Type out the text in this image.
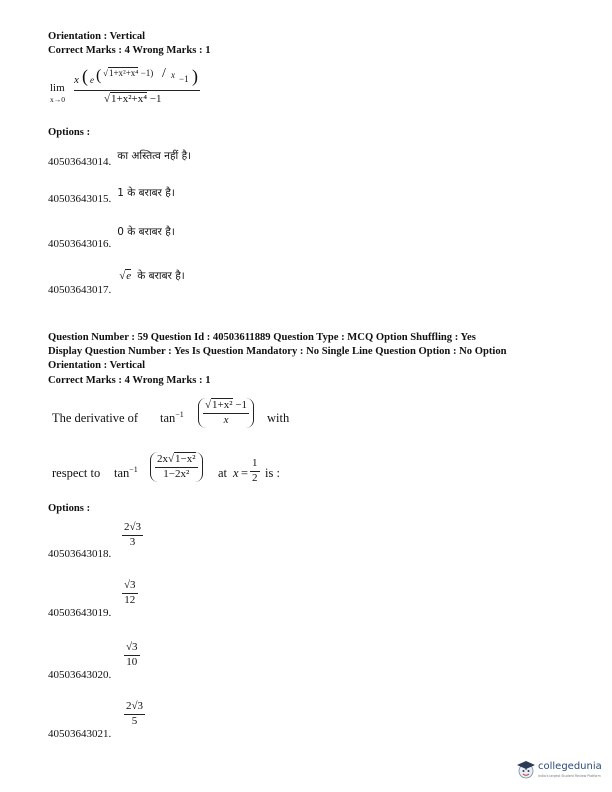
Orientation : Vertical
Correct Marks : 4 Wrong Marks : 1
lim
x→0
x ( e ( √1+x²+x⁴ −1) / x −1 )
√1+x²+x⁴ −1
Options :
$_{40503643014.}$ का अस्तित्व नहीं है।
$_{40503643015.}$ 1 के बराबर है।
$_{40503643016.}$ 0 के बराबर है।
$_{40503643017.}$ √e के बराबर है।
Question Number : 59 Question Id : 40503611889 Question Type : MCQ Option Shuffling : Yes
Display Question Number : Yes Is Question Mandatory : No Single Line Question Option : No Option
Orientation : Vertical
Correct Marks : 4 Wrong Marks : 1
The derivative of $\tan^{-1} \frac{\text{√1+x² −1}}{x}$ with
respect to $\tan^{-1} \frac{\text{2x√1−x²}}{\text{1−2x²}}$ at $x = \frac{1}{2}$ is :
Options :
40503643018.
$\frac{2√3}{3}$
40503643019.
$\frac{√3}{12}$
40503643020.
$\frac{√3}{10}$
40503643021.
$\frac{2√3}{5}$
collegedunia
India's largest Student Review Platform
